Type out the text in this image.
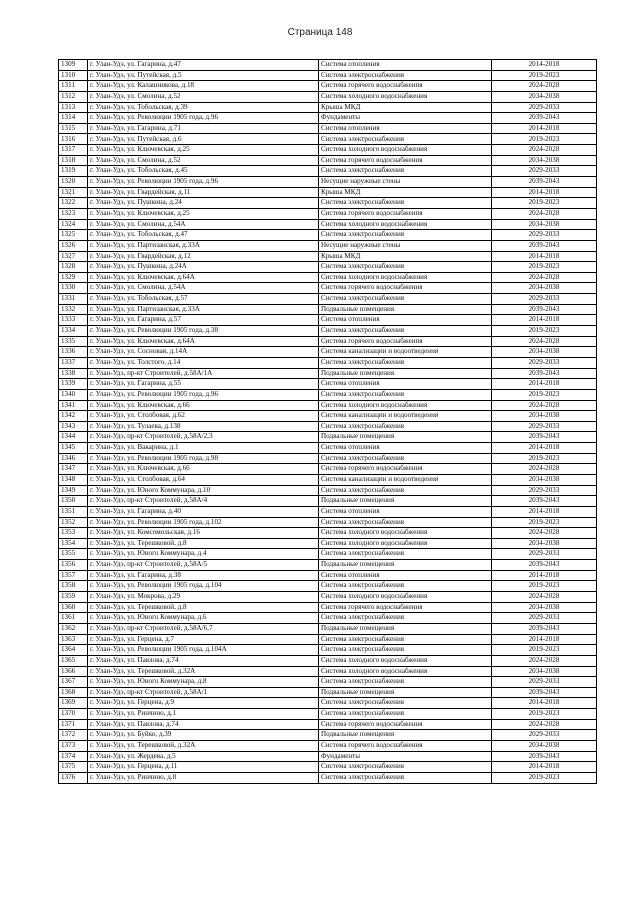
Страница 148
1309	г. Улан-Удэ, ул. Гагарина, д.47	Система отопления	2014-2018
1310	г. Улан-Удэ, ул. Путейская, д.5	Система электроснабжения	2019-2023
1311	г. Улан-Удэ, ул. Калашникова, д.18	Система горячего водоснабжения	2024-2028
1312	г. Улан-Удэ, ул. Смолина, д.52	Система холодного водоснабжения	2034-2038
1313	г. Улан-Удэ, ул. Тобольская, д.39	Крыша МКД	2029-2033
1314	г. Улан-Удэ, ул. Революции 1905 года, д.96	Фундаменты	2039-2043
1315	г. Улан-Удэ, ул. Гагарина, д.71	Система отопления	2014-2018
1316	г. Улан-Удэ, ул. Путейская, д.6	Система электроснабжения	2019-2023
1317	г. Улан-Удэ, ул. Ключевская, д.25	Система холодного водоснабжения	2024-2028
1318	г. Улан-Удэ, ул. Смолина, д.52	Система горячего водоснабжения	2034-2038
1319	г. Улан-Удэ, ул. Тобольская, д.45	Система электроснабжения	2029-2033
1320	г. Улан-Удэ, ул. Революции 1905 года, д.96	Несущие наружные стены	2039-2043
1321	г. Улан-Удэ, ул. Гвардейская, д.11	Крыша МКД	2014-2018
1322	г. Улан-Удэ, ул. Пушкина, д.24	Система электроснабжения	2019-2023
1323	г. Улан-Удэ, ул. Ключевская, д.25	Система горячего водоснабжения	2024-2028
1324	г. Улан-Удэ, ул. Смолина, д.54А	Система холодного водоснабжения	2034-2038
1325	г. Улан-Удэ, ул. Тобольская, д.47	Система электроснабжения	2029-2033
1326	г. Улан-Удэ, ул. Партизанская, д.33А	Несущие наружные стены	2039-2043
1327	г. Улан-Удэ, ул. Гвардейская, д.12	Крыша МКД	2014-2018
1328	г. Улан-Удэ, ул. Пушкина, д.24А	Система электроснабжения	2019-2023
1329	г. Улан-Удэ, ул. Ключевская, д.64А	Система холодного водоснабжения	2024-2028
1330	г. Улан-Удэ, ул. Смолина, д.54А	Система горячего водоснабжения	2034-2038
1331	г. Улан-Удэ, ул. Тобольская, д.57	Система электроснабжения	2029-2033
1332	г. Улан-Удэ, ул. Партизанская, д.33А	Подвальные помещения	2039-2043
1333	г. Улан-Удэ, ул. Гагарина, д.57	Система отопления	2014-2018
1334	г. Улан-Удэ, ул. Революции 1905 года, д.38	Система электроснабжения	2019-2023
1335	г. Улан-Удэ, ул. Ключевская, д.64А	Система горячего водоснабжения	2024-2028
1336	г. Улан-Удэ, ул. Сосновая, д.14А	Система канализации и водоотведения	2034-2038
1337	г. Улан-Удэ, ул. Толстого, д.14	Система электроснабжения	2029-2033
1338	г. Улан-Удэ, пр-кт Строителей, д.58А/1А	Подвальные помещения	2039-2043
1339	г. Улан-Удэ, ул. Гагарина, д.55	Система отопления	2014-2018
1340	г. Улан-Удэ, ул. Революции 1905 года, д.96	Система электроснабжения	2019-2023
1341	г. Улан-Удэ, ул. Ключевская, д.66	Система холодного водоснабжения	2024-2028
1342	г. Улан-Удэ, ул. Столбовая, д.62	Система канализации и водоотведения	2034-2038
1343	г. Улан-Удэ, ул. Тулаева, д.138	Система электроснабжения	2029-2033
1344	г. Улан-Удэ, пр-кт Строителей, д.58А/2,3	Подвальные помещения	2039-2043
1345	г. Улан-Удэ, ул. Вакарина, д.1	Система отопления	2014-2018
1346	г. Улан-Удэ, ул. Революции 1905 года, д.98	Система электроснабжения	2019-2023
1347	г. Улан-Удэ, ул. Ключевская, д.66	Система горячего водоснабжения	2024-2028
1348	г. Улан-Удэ, ул. Столбовая, д.64	Система канализации и водоотведения	2034-2038
1349	г. Улан-Удэ, ул. Юного Коммунара, д.10	Система электроснабжения	2029-2033
1350	г. Улан-Удэ, пр-кт Строителей, д.58А/4	Подвальные помещения	2039-2043
1351	г. Улан-Удэ, ул. Гагарина, д.40	Система отопления	2014-2018
1352	г. Улан-Удэ, ул. Революции 1905 года, д.102	Система электроснабжения	2019-2023
1353	г. Улан-Удэ, ул. Комсомольская, д.16	Система холодного водоснабжения	2024-2028
1354	г. Улан-Удэ, ул. Терешковой, д.8	Система холодного водоснабжения	2034-2038
1355	г. Улан-Удэ, ул. Юного Коммунара, д.4	Система электроснабжения	2029-2033
1356	г. Улан-Удэ, пр-кт Строителей, д.58А/5	Подвальные помещения	2039-2043
1357	г. Улан-Удэ, ул. Гагарина, д.38	Система отопления	2014-2018
1358	г. Улан-Удэ, ул. Революции 1905 года, д.104	Система электроснабжения	2019-2023
1359	г. Улан-Удэ, ул. Мокрова, д.29	Система холодного водоснабжения	2024-2028
1360	г. Улан-Удэ, ул. Терешковой, д.8	Система горячего водоснабжения	2034-2038
1361	г. Улан-Удэ, ул. Юного Коммунара, д.6	Система электроснабжения	2029-2033
1362	г. Улан-Удэ, пр-кт Строителей, д.58А/6,7	Подвальные помещения	2039-2043
1363	г. Улан-Удэ, ул. Герцена, д.7	Система электроснабжения	2014-2018
1364	г. Улан-Удэ, ул. Революции 1905 года, д.104А	Система электроснабжения	2019-2023
1365	г. Улан-Удэ, ул. Павлова, д.74	Система холодного водоснабжения	2024-2028
1366	г. Улан-Удэ, ул. Терешковой, д.32А	Система холодного водоснабжения	2034-2038
1367	г. Улан-Удэ, ул. Юного Коммунара, д.8	Система электроснабжения	2029-2033
1368	г. Улан-Удэ, пр-кт Строителей, д.58А/1	Подвальные помещения	2039-2043
1369	г. Улан-Удэ, ул. Герцена, д.9	Система электроснабжения	2014-2018
1370	г. Улан-Удэ, ул. Ринчино, д.1	Система электроснабжения	2019-2023
1371	г. Улан-Удэ, ул. Павлова, д.74	Система горячего водоснабжения	2024-2028
1372	г. Улан-Удэ, ул. Буйко, д.39	Подвальные помещения	2029-2033
1373	г. Улан-Удэ, ул. Терешковой, д.32А	Система горячего водоснабжения	2034-2038
1374	г. Улан-Удэ, ул. Жердева, д.5	Фундаменты	2039-2043
1375	г. Улан-Удэ, ул. Герцена, д.11	Система электроснабжения	2014-2018
1376	г. Улан-Удэ, ул. Ринчино, д.8	Система электроснабжения	2019-2023
